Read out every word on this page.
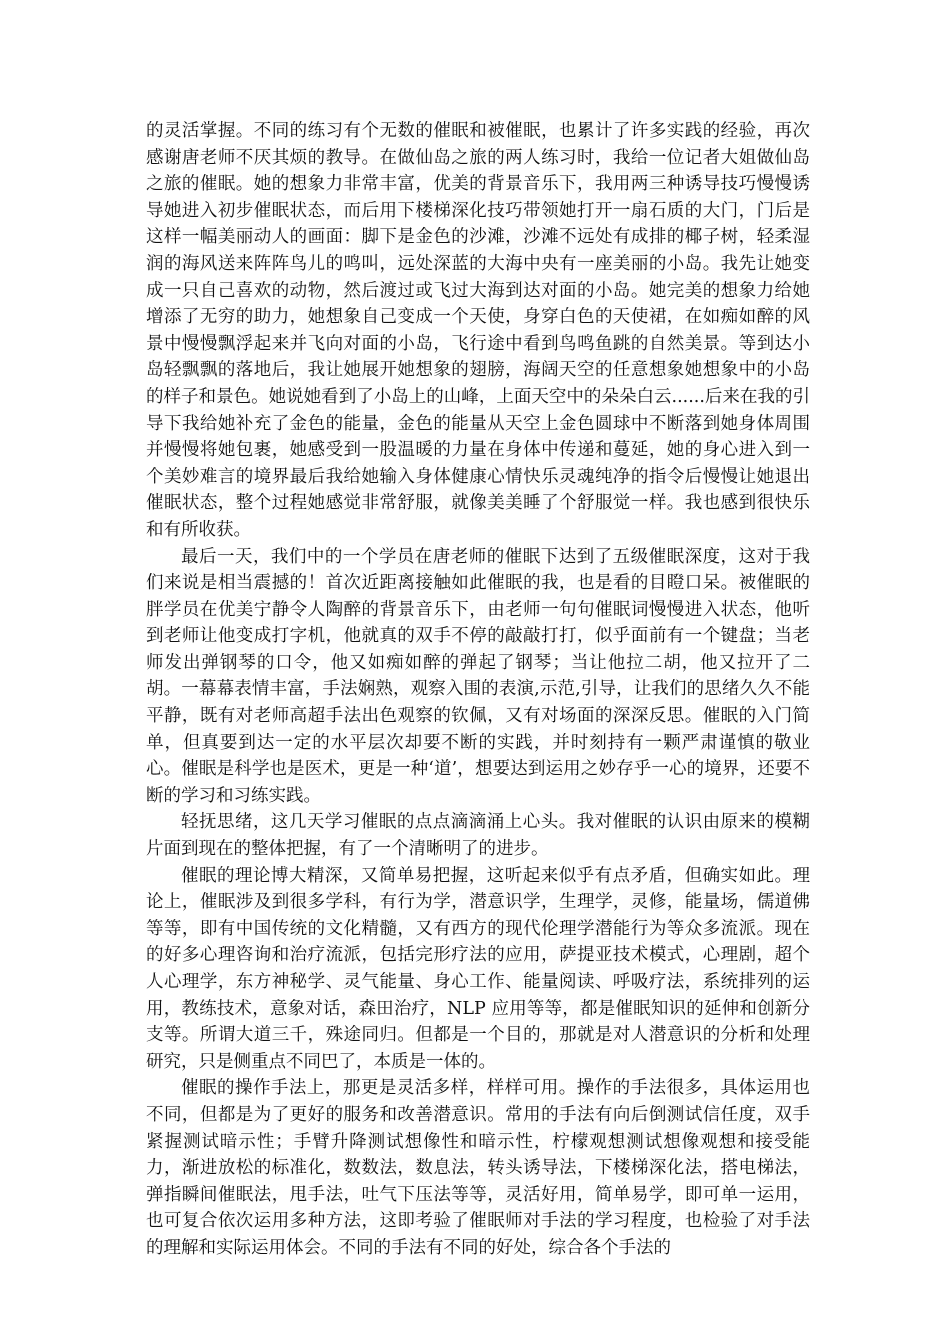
的灵活掌握。不同的练习有个无数的催眠和被催眠，也累计了许多实践的经验，再次感谢唐老师不厌其烦的教导。在做仙岛之旅的两人练习时，我给一位记者大姐做仙岛之旅的催眠。她的想象力非常丰富，优美的背景音乐下，我用两三种诱导技巧慢慢诱导她进入初步催眠状态，而后用下楼梯深化技巧带领她打开一扇石质的大门，门后是这样一幅美丽动人的画面：脚下是金色的沙滩，沙滩不远处有成排的椰子树，轻柔湿润的海风送来阵阵鸟儿的鸣叫，远处深蓝的大海中央有一座美丽的小岛。我先让她变成一只自己喜欢的动物，然后渡过或飞过大海到达对面的小岛。她完美的想象力给她增添了无穷的助力，她想象自己变成一个天使，身穿白色的天使裙，在如痴如醉的风景中慢慢飘浮起来并飞向对面的小岛，飞行途中看到鸟鸣鱼跳的自然美景。等到达小岛轻飘飘的落地后，我让她展开她想象的翅膀，海阔天空的任意想象她想象中的小岛的样子和景色。她说她看到了小岛上的山峰，上面天空中的朵朵白云......后来在我的引导下我给她补充了金色的能量，金色的能量从天空上金色圆球中不断落到她身体周围并慢慢将她包裹，她感受到一股温暖的力量在身体中传递和蔓延，她的身心进入到一个美妙难言的境界最后我给她输入身体健康心情快乐灵魂纯净的指令后慢慢让她退出催眠状态，整个过程她感觉非常舒服，就像美美睡了个舒服觉一样。我也感到很快乐和有所收获。

最后一天，我们中的一个学员在唐老师的催眠下达到了五级催眠深度，这对于我们来说是相当震撼的！首次近距离接触如此催眠的我，也是看的目瞪口呆。被催眠的胖学员在优美宁静令人陶醉的背景音乐下，由老师一句句催眠词慢慢进入状态，他听到老师让他变成打字机，他就真的双手不停的敲敲打打，似乎面前有一个键盘；当老师发出弹钢琴的口令，他又如痴如醉的弹起了钢琴；当让他拉二胡，他又拉开了二胡。一幕幕表情丰富，手法娴熟，观察入围的表演,示范,引导，让我们的思绪久久不能平静，既有对老师高超手法出色观察的钦佩，又有对场面的深深反思。催眠的入门简单，但真要到达一定的水平层次却要不断的实践，并时刻持有一颗严肃谨慎的敬业心。催眠是科学也是医术，更是一种‘道’，想要达到运用之妙存乎一心的境界，还要不断的学习和习练实践。

轻抚思绪，这几天学习催眠的点点滴滴涌上心头。我对催眠的认识由原来的模糊片面到现在的整体把握，有了一个清晰明了的进步。

催眠的理论博大精深，又简单易把握，这听起来似乎有点矛盾，但确实如此。理论上，催眠涉及到很多学科，有行为学，潜意识学，生理学，灵修，能量场，儒道佛等等，即有中国传统的文化精髓，又有西方的现代伦理学潜能行为等众多流派。现在的好多心理咨询和治疗流派，包括完形疗法的应用，萨提亚技术模式，心理剧，超个人心理学，东方神秘学、灵气能量、身心工作、能量阅读、呼吸疗法，系统排列的运用，教练技术，意象对话，森田治疗，NLP 应用等等，都是催眠知识的延伸和创新分支等。所谓大道三千，殊途同归。但都是一个目的，那就是对人潜意识的分析和处理研究，只是侧重点不同巴了，本质是一体的。

催眠的操作手法上，那更是灵活多样，样样可用。操作的手法很多，具体运用也不同，但都是为了更好的服务和改善潜意识。常用的手法有向后倒测试信任度，双手紧握测试暗示性；手臂升降测试想像性和暗示性，柠檬观想测试想像观想和接受能力，渐进放松的标准化，数数法，数息法，转头诱导法，下楼梯深化法，搭电梯法，弹指瞬间催眠法，甩手法，吐气下压法等等，灵活好用，简单易学，即可单一运用，也可复合依次运用多种方法，这即考验了催眠师对手法的学习程度，也检验了对手法的理解和实际运用体会。不同的手法有不同的好处，综合各个手法的
